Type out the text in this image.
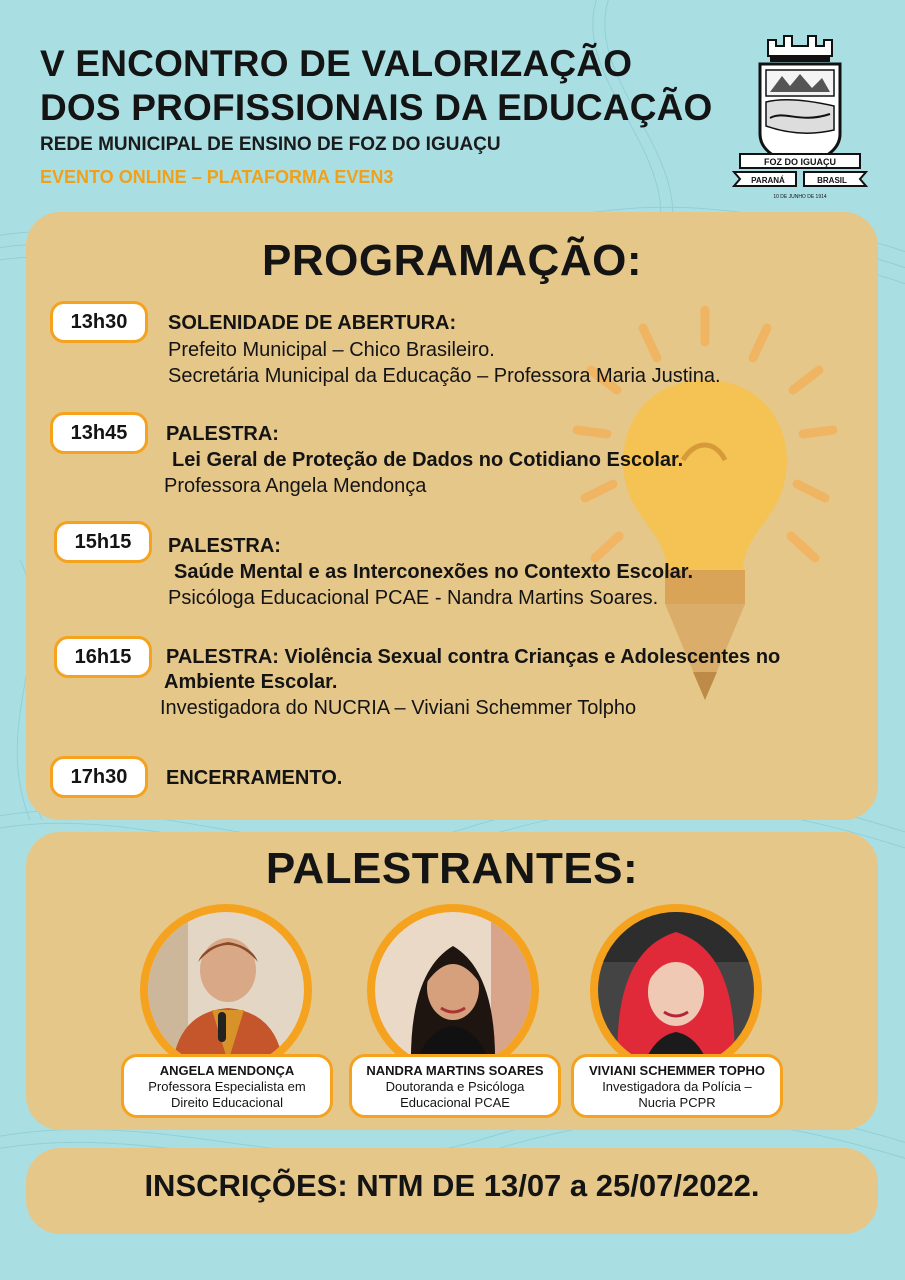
V ENCONTRO DE VALORIZAÇÃO
DOS PROFISSIONAIS DA EDUCAÇÃO

REDE MUNICIPAL DE ENSINO DE FOZ DO IGUAÇU

EVENTO ONLINE – PLATAFORMA EVEN3

FOZ DO IGUAÇU
PARANÁ	BRASIL
10 DE JUNHO DE 1914
PROGRAMAÇÃO:
13h30	SOLENIDADE DE ABERTURA:

Prefeito Municipal – Chico Brasileiro.

Secretária Municipal da Educação – Professora Maria Justina.

13h45	PALESTRA:

Lei Geral de Proteção de Dados no Cotidiano Escolar.

Professora Angela Mendonça

15h15	PALESTRA:

Saúde Mental e as Interconexões no Contexto Escolar.

Psicóloga Educacional PCAE - Nandra Martins Soares.

16h15	PALESTRA: Violência Sexual contra Crianças e Adolescentes no

Ambiente Escolar.

Investigadora do NUCRIA – Viviani Schemmer Tolpho

17h30	ENCERRAMENTO.

PALESTRANTES:
ANGELA MENDONÇA
Professora Especialista em
Direito Educacional
NANDRA MARTINS SOARES
Doutoranda e Psicóloga
Educacional PCAE
VIVIANI SCHEMMER TOPHO
Investigadora da Polícia –
Nucria PCPR

INSCRIÇÕES: NTM DE 13/07 a 25/07/2022.
